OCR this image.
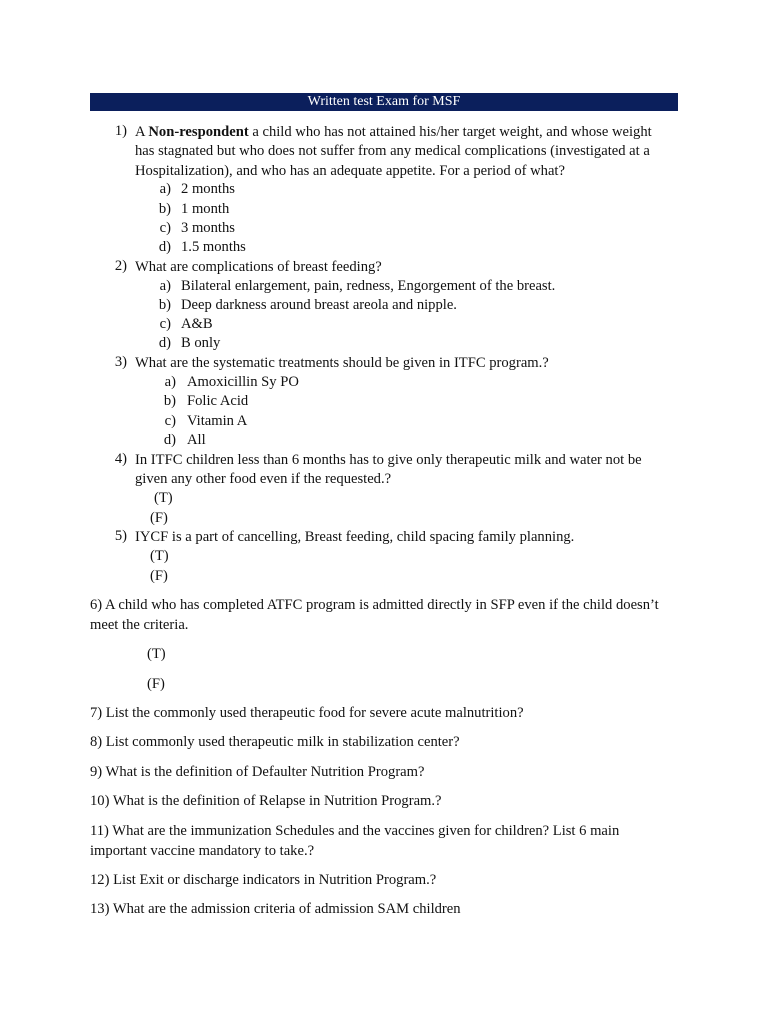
Written test Exam for MSF
1) A Non-respondent a child who has not attained his/her target weight, and whose weight
has stagnated but who does not suffer from any medical complications (investigated at a
Hospitalization), and who has an adequate appetite. For a period of what?
a) 2 months
b) 1 month
c) 3 months
d) 1.5 months
2) What are complications of breast feeding?
a) Bilateral enlargement, pain, redness, Engorgement of the breast.
b) Deep darkness around breast areola and nipple.
c) A&B
d) B only
3) What are the systematic treatments should be given in ITFC program.?
a) Amoxicillin Sy PO
b) Folic Acid
c) Vitamin A
d) All
4) In ITFC children less than 6 months has to give only therapeutic milk and water not be
given any other food even if the requested.?
(T)
(F)
5) IYCF is a part of cancelling, Breast feeding, child spacing family planning.
(T)
(F)
6) A child who has completed ATFC program is admitted directly in SFP even if the child doesn’t
meet the criteria.
(T)
(F)
7) List the commonly used therapeutic food for severe acute malnutrition?
8) List commonly used therapeutic milk in stabilization center?
9) What is the definition of Defaulter Nutrition Program?
10) What is the definition of Relapse in Nutrition Program.?
11) What are the immunization Schedules and the vaccines given for children? List 6 main
important vaccine mandatory to take.?
12) List Exit or discharge indicators in Nutrition Program.?
13) What are the admission criteria of admission SAM children
